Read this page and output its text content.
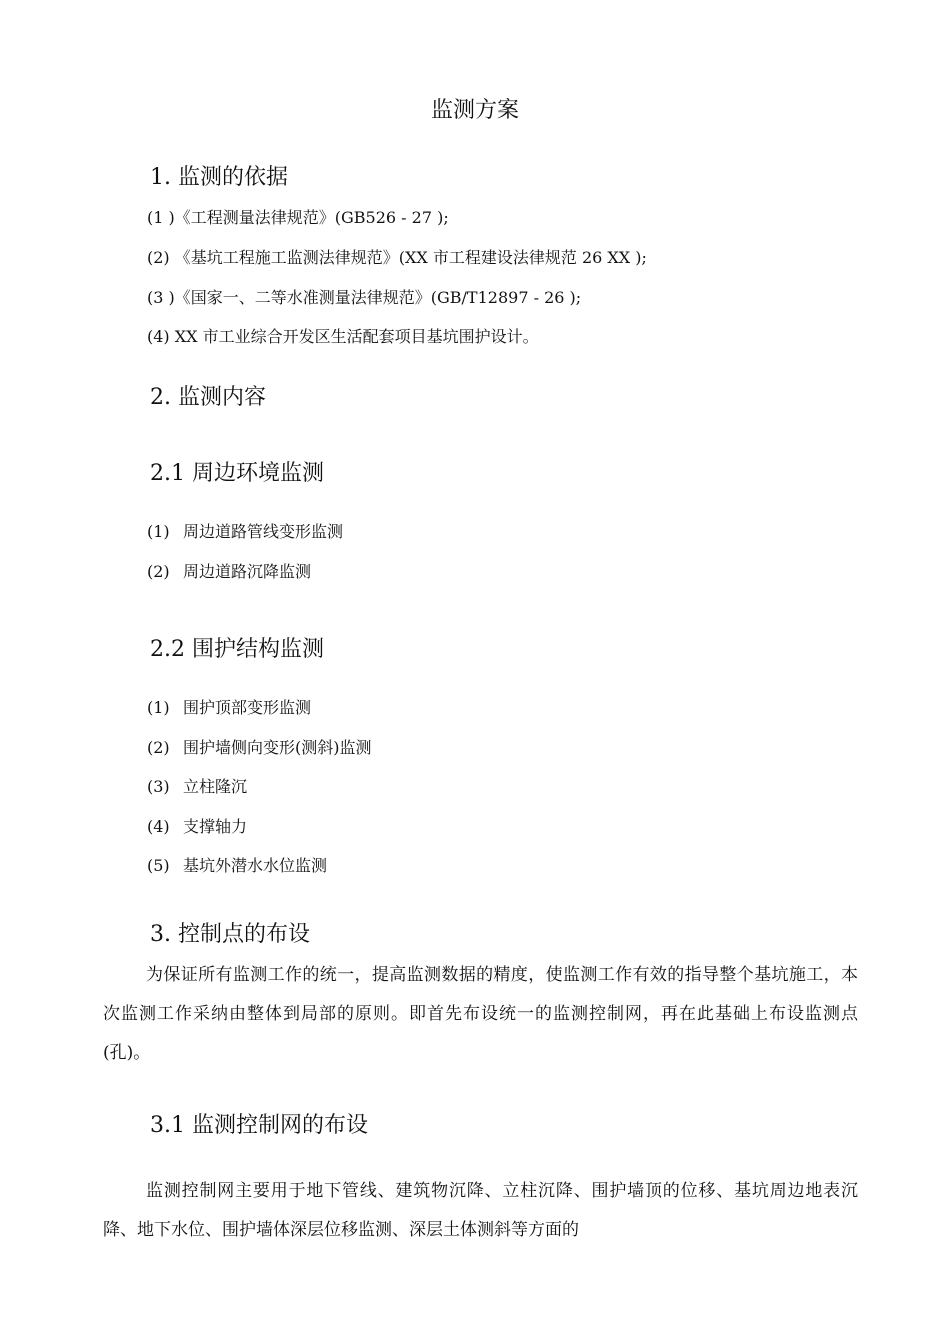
监测方案
1. 监测的依据
(1 )《工程测量法律规范》(GB526 - 27 );
(2) 《基坑工程施工监测法律规范》(XX 市工程建设法律规范 26 XX );
(3 )《国家一、二等水准测量法律规范》(GB/T12897 - 26 );
(4) XX 市工业综合开发区生活配套项目基坑围护设计。
2. 监测内容
2.1 周边环境监测
(1) 周边道路管线变形监测
(2) 周边道路沉降监测
2.2 围护结构监测
(1) 围护顶部变形监测
(2) 围护墙侧向变形(测斜)监测
(3) 立柱隆沉
(4) 支撑轴力
(5) 基坑外潜水水位监测
3. 控制点的布设
为保证所有监测工作的统一，提高监测数据的精度，使监测工作有效的指导整个基坑施工，本次监测工作采纳由整体到局部的原则。即首先布设统一的监测控制网，再在此基础上布设监测点(孔)。
3.1 监测控制网的布设
监测控制网主要用于地下管线、建筑物沉降、立柱沉降、围护墙顶的位移、基坑周边地表沉降、地下水位、围护墙体深层位移监测、深层土体测斜等方面的
